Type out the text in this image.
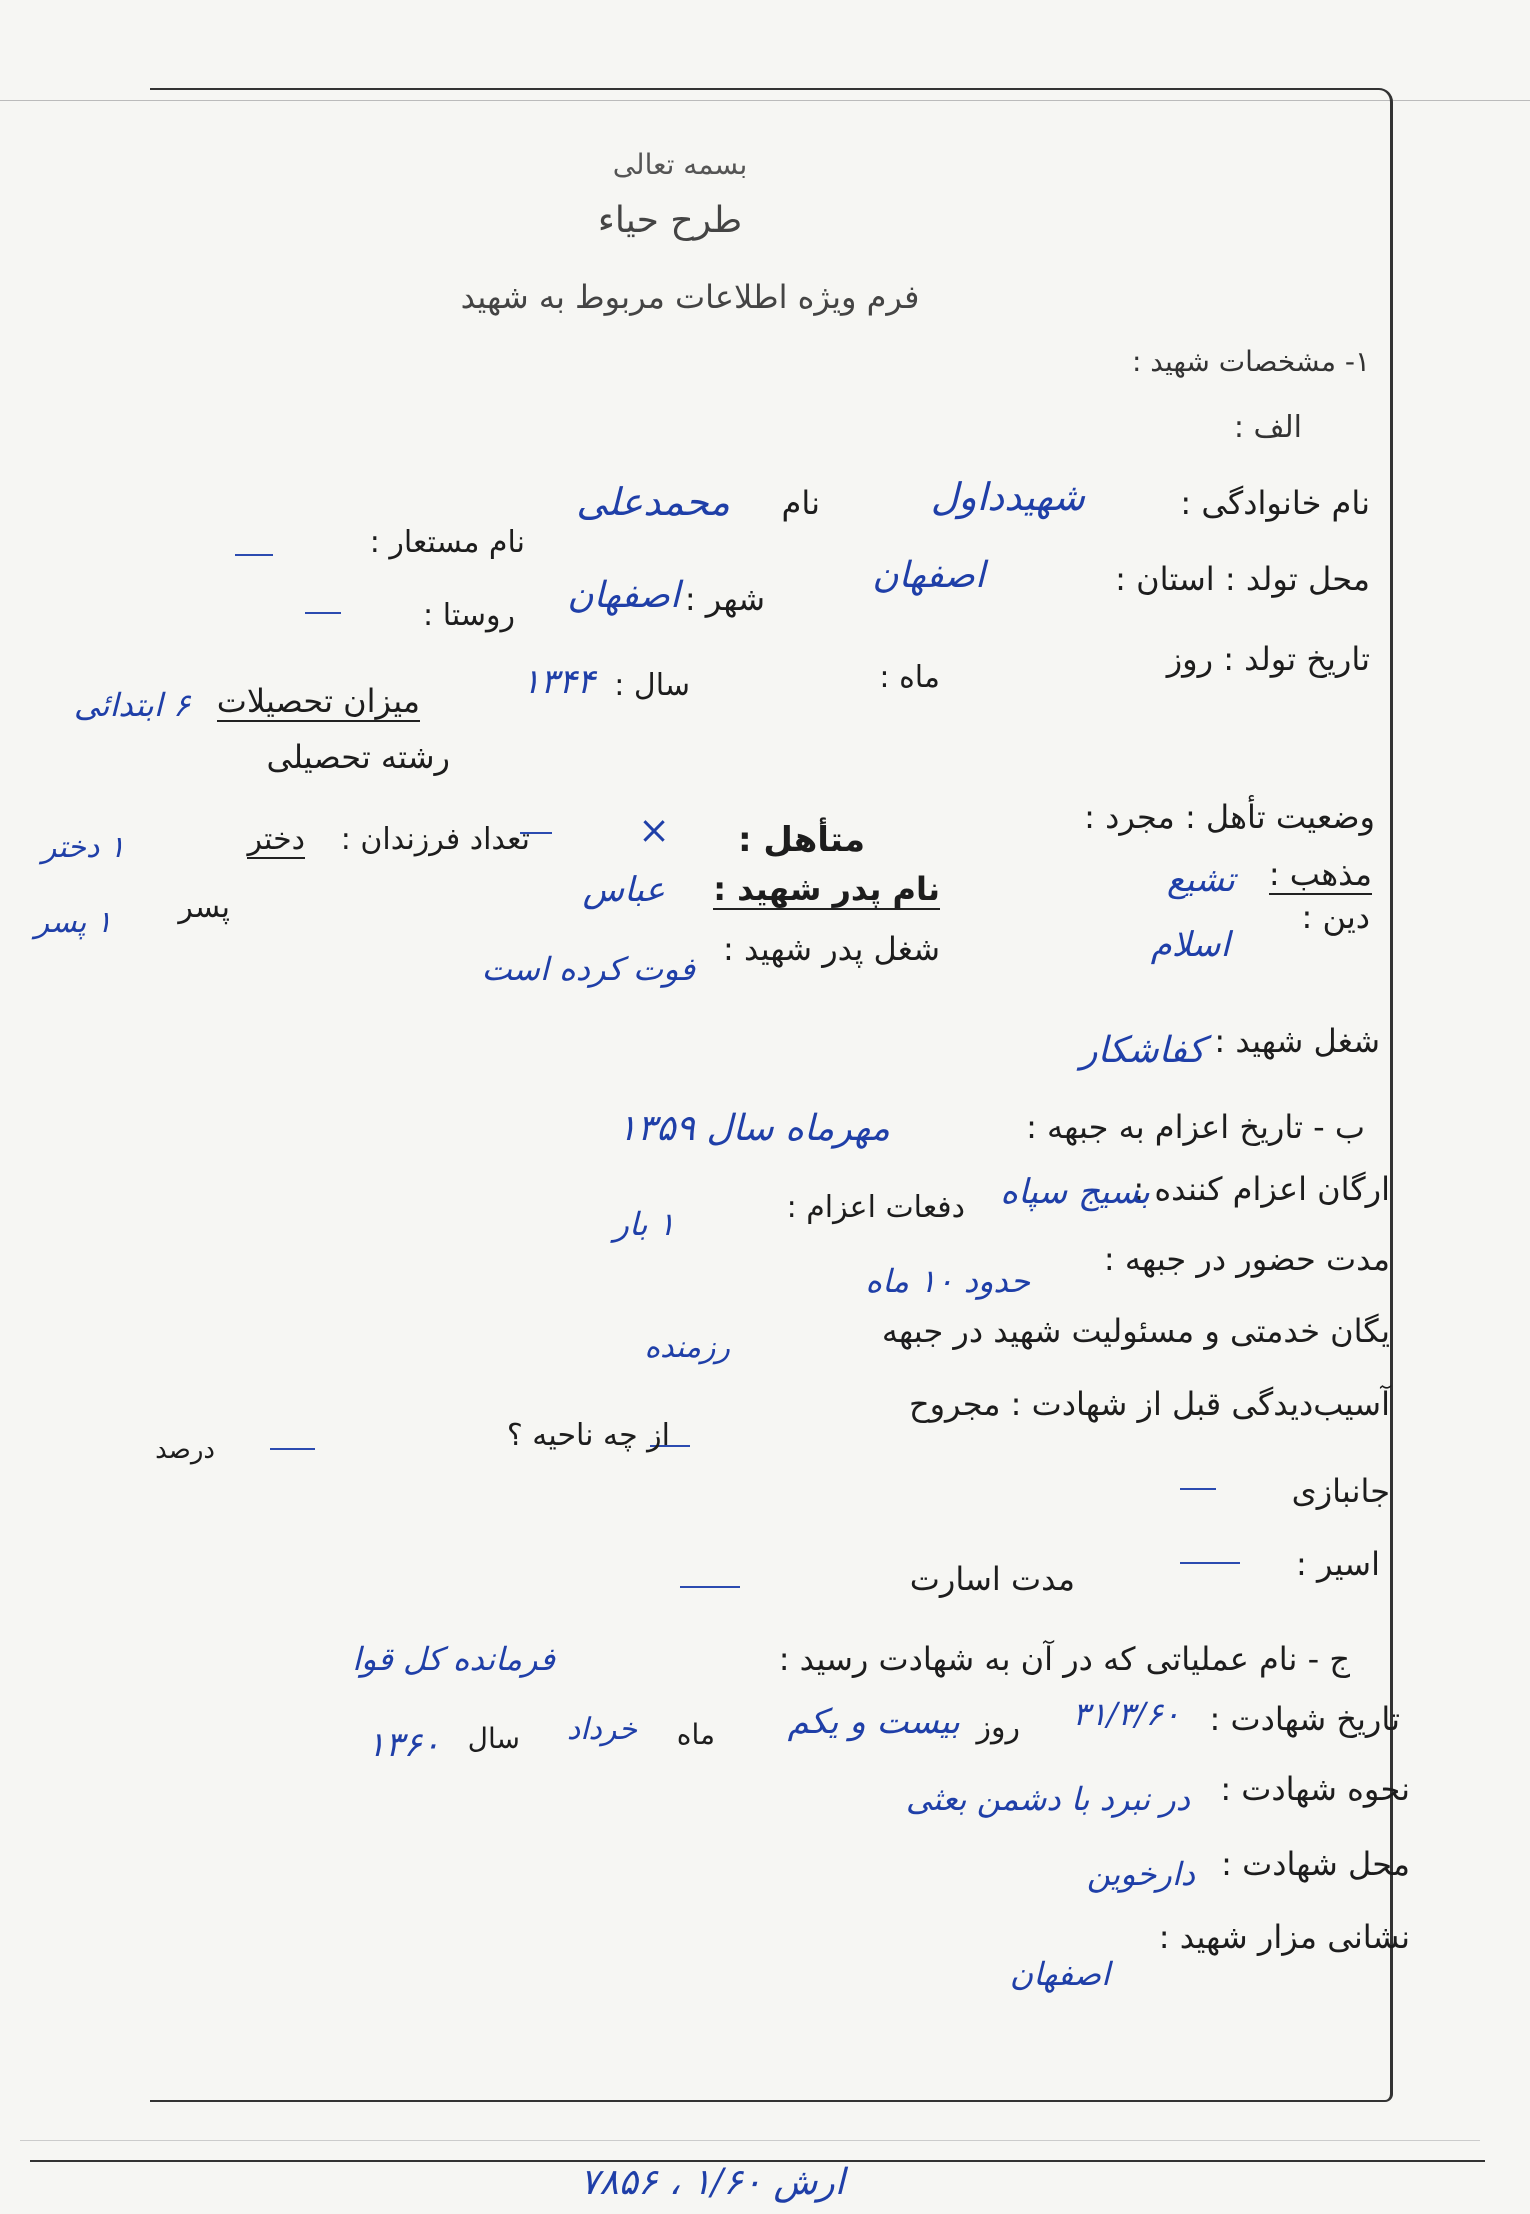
بسمه تعالی
طرح حیاء
فرم ویژه اطلاعات مربوط به شهید
۱- مشخصات شهید :
الف :
نام خانوادگی :
شهیدداول
نام
محمدعلی
نام مستعار :
محل تولد : استان :
اصفهان
شهر :
اصفهان
روستا :
تاریخ تولد : روز
ماه :
سال :
۱۳۴۴
میزان تحصیلات
۶ ابتدائی
رشته تحصیلی
وضعیت تأهل : مجرد :
متأهل :
×
تعداد فرزندان :
دختر
۱ دختر
پسر
۱ پسر
مذهب :
تشیع
دین :
اسلام
نام پدر شهید :
عباس
شغل پدر شهید :
فوت کرده است
شغل شهید :
کفاشکار
ب - تاریخ اعزام به جبهه :
مهرماه سال ۱۳۵۹
ارگان اعزام کننده :
بسیج سپاه
دفعات اعزام :
۱ بار
مدت حضور در جبهه :
حدود ۱۰ ماه
یگان خدمتی و مسئولیت شهید در جبهه
رزمنده
آسیب‌دیدگی قبل از شهادت : مجروح
از چه ناحیه ؟
درصد
جانبازی
اسیر :
مدت اسارت
ج - نام عملیاتی که در آن به شهادت رسید :
فرمانده کل قوا
تاریخ شهادت :
۳۱/۳/۶۰
روز
بیست و یکم
ماه
خرداد
سال
۱۳۶۰
نحوه شهادت :
در نبرد با دشمن بعثی
محل شهادت :
دارخوین
نشانی مزار شهید :
اصفهان
۷۸۵۶ ، ۱/۶۰ ارش
